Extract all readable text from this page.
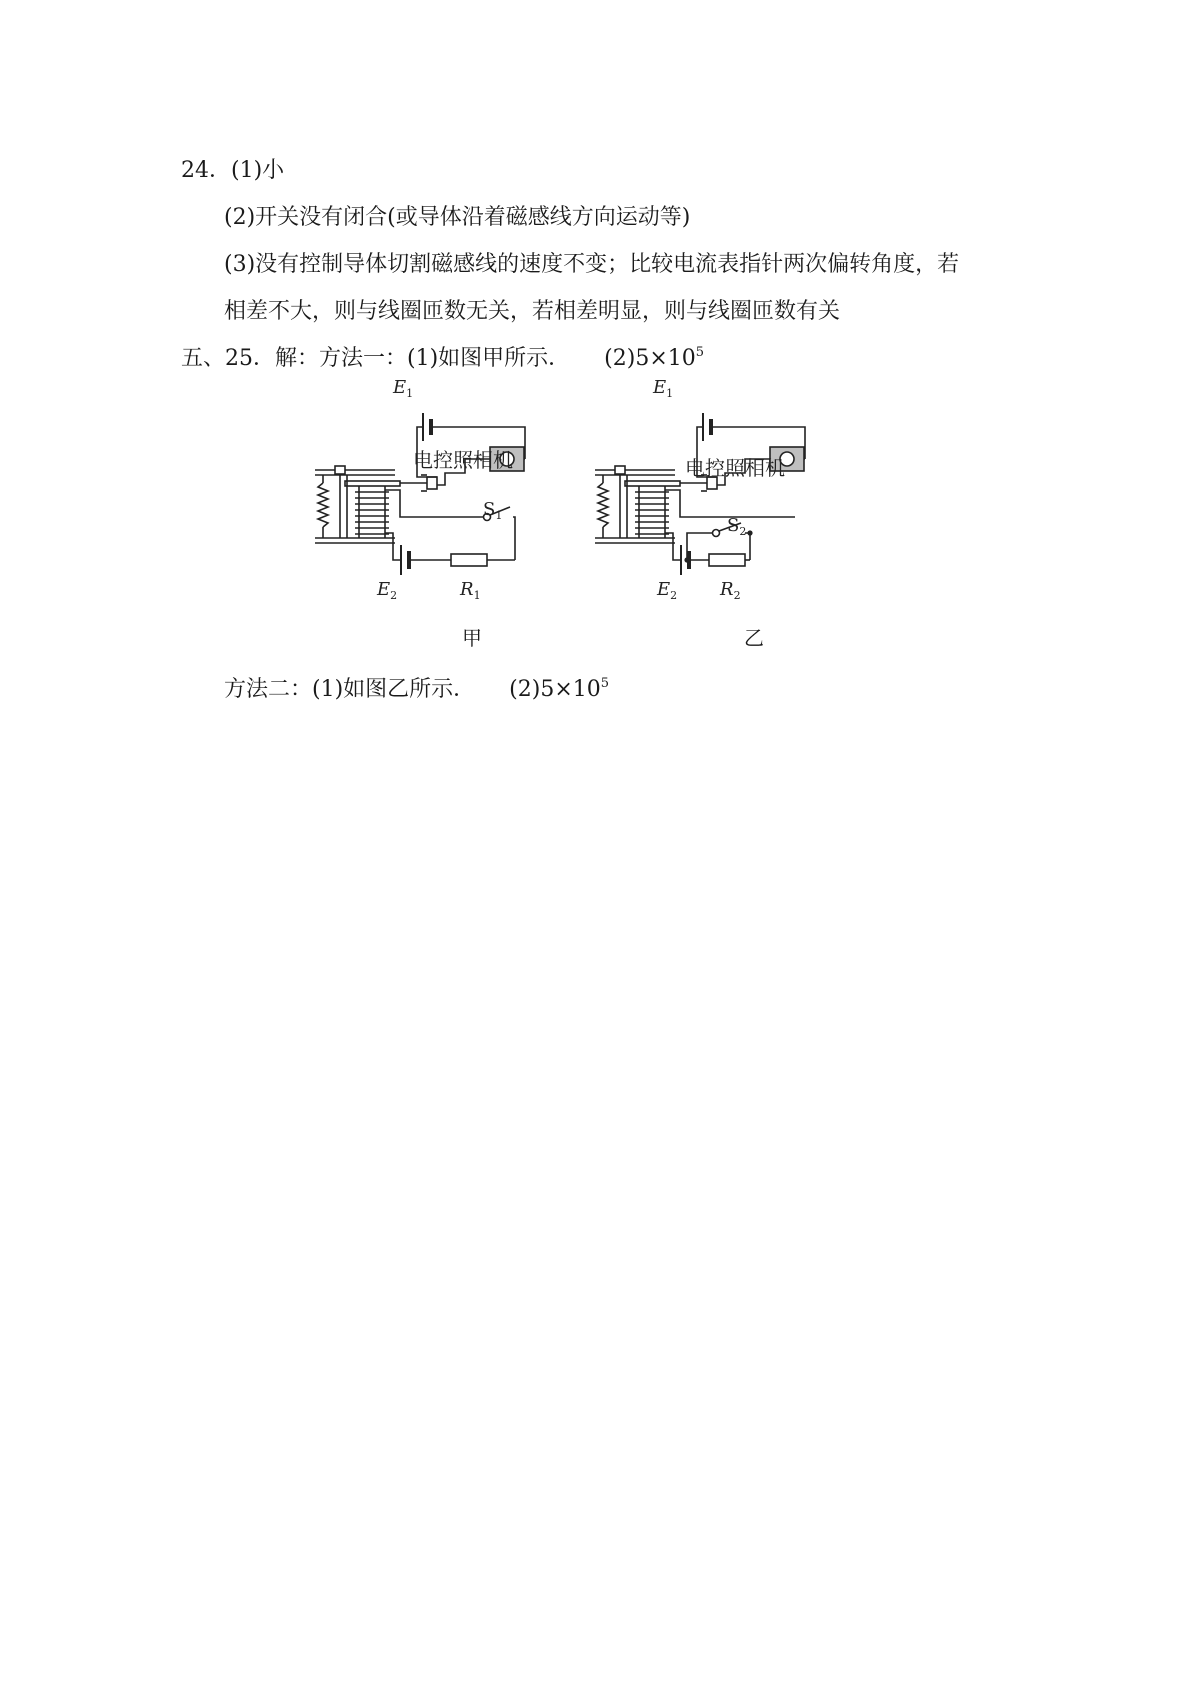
24．(1)小
(2)开关没有闭合(或导体沿着磁感线方向运动等)
(3)没有控制导体切割磁感线的速度不变；比较电流表指针两次偏转角度，若
相差不大，则与线圈匝数无关，若相差明显，则与线圈匝数有关
五、25．解：方法一：(1)如图甲所示． $(2)5\times 10^5$
$E_1$
电控照相机
$S_1$
$E_2$	$R_1$
甲
$E_1$
电控照相机
$S_2$
$E_2$ $R_2$
乙
方法二：(1)如图乙所示． $(2)5\times 10^5$
